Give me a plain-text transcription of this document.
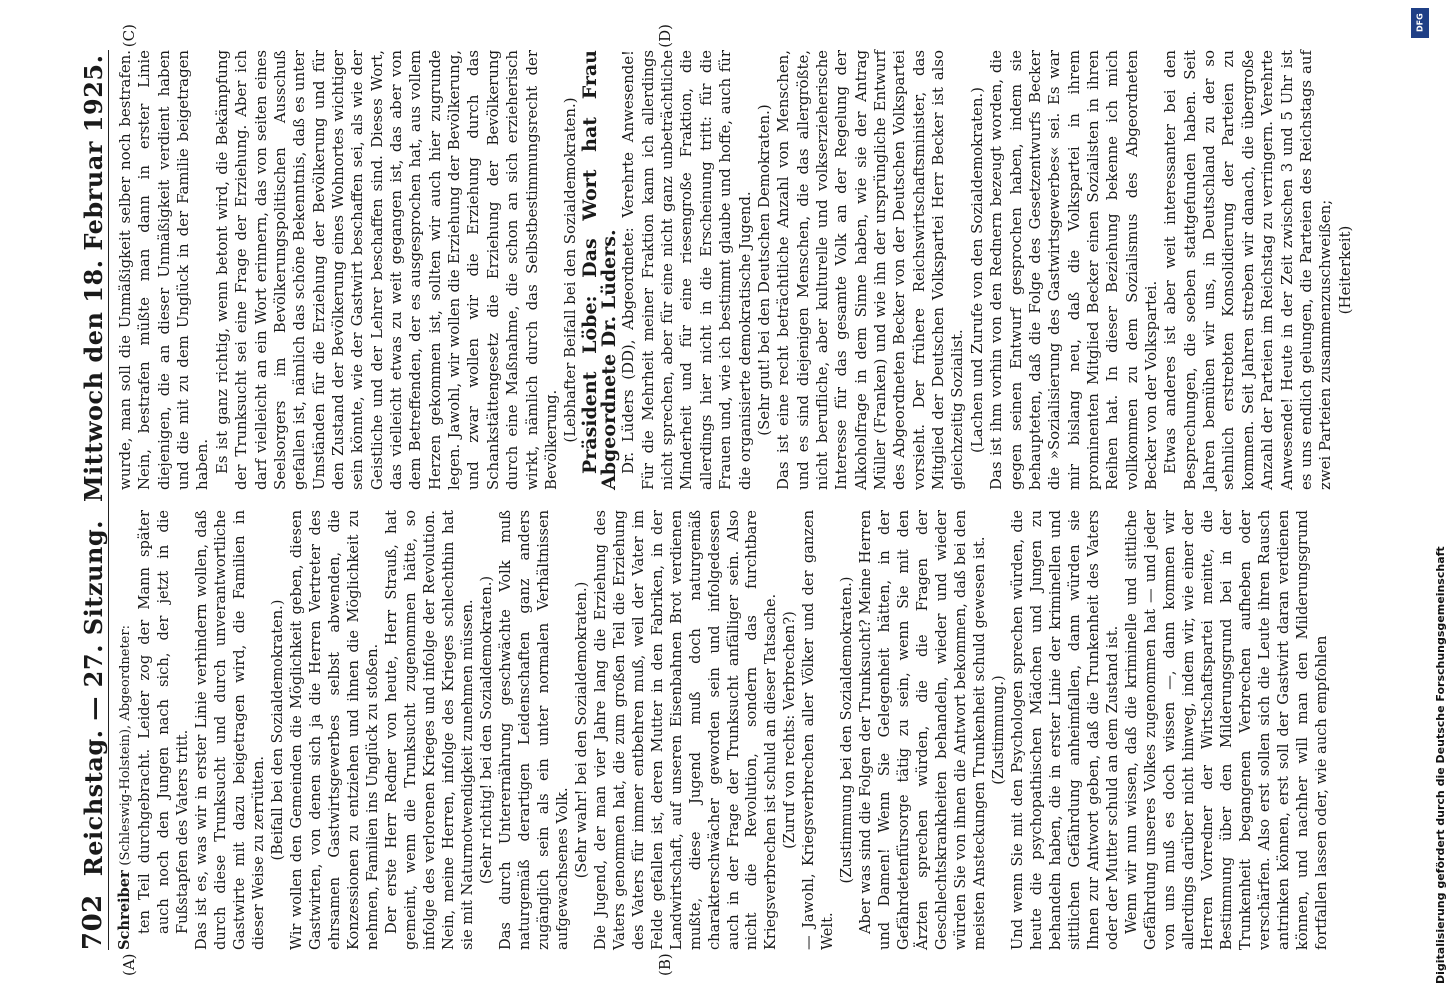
702
Reichstag. — 27. Sitzung.
Mittwoch den 18. Februar 1925.
(A)	(B)

Schreiber (Schleswig-Holstein), Abgeordneter: ten Teil durchgebracht. Leider zog der Mann später auch noch den Jungen nach sich, der jetzt in die Fußstapfen des Vaters tritt. Das ist es, was wir in erster Linie verhindern wollen, daß durch diese Trunksucht und durch unverantwortliche Gastwirte mit dazu beigetragen wird, die Familien in dieser Weise zu zerrütten. (Beifall bei den Sozialdemokraten.) Wir wollen den Gemeinden die Möglichkeit geben, diesen Gastwirten, von denen sich ja die Herren Vertreter des ehrsamen Gastwirtsgewerbes selbst abwenden, die Konzessionen zu entziehen und ihnen die Möglichkeit zu nehmen, Familien ins Unglück zu stoßen. Der erste Herr Redner von heute, Herr Strauß, hat gemeint, wenn die Trunksucht zugenommen hätte, so infolge des verlorenen Krieges und infolge der Revolution. Nein, meine Herren, infolge des Krieges schlechthin hat sie mit Naturnotwendigkeit zunehmen müssen. (Sehr richtig! bei den Sozialdemokraten.) Das durch Unterernährung geschwächte Volk muß naturgemäß derartigen Leidenschaften ganz anders zugänglich sein als ein unter normalen Verhältnissen aufgewachsenes Volk. (Sehr wahr! bei den Sozialdemokraten.) Die Jugend, der man vier Jahre lang die Erziehung des Vaters genommen hat, die zum großen Teil die Erziehung des Vaters für immer entbehren muß, weil der Vater im Felde gefallen ist, deren Mutter in den Fabriken, in der Landwirtschaft, auf unseren Eisenbahnen Brot verdienen mußte, diese Jugend muß doch naturgemäß charakterschwächer geworden sein und infolgedessen auch in der Frage der Trunksucht anfälliger sein. Also nicht die Revolution, sondern das furchtbare Kriegsverbrechen ist schuld an dieser Tatsache. (Zuruf von rechts: Verbrechen?) — Jawohl, Kriegsverbrechen aller Völker und der ganzen Welt.

(Zustimmung bei den Sozialdemokraten.) Aber was sind die Folgen der Trunksucht? Meine Herren und Damen! Wenn Sie Gelegenheit hätten, in der Gefährdetenfürsorge tätig zu sein, wenn Sie mit den Ärzten sprechen würden, die die Fragen der Geschlechtskrankheiten behandeln, wieder und wieder würden Sie von ihnen die Antwort bekommen, daß bei den meisten Ansteckungen Trunkenheit schuld gewesen ist. (Zustimmung.) Und wenn Sie mit den Psychologen sprechen würden, die heute die psychopathischen Mädchen und Jungen zu behandeln haben, die in erster Linie der kriminellen und sittlichen Gefährdung anheimfallen, dann würden sie Ihnen zur Antwort geben, daß die Trunkenheit des Vaters oder der Mutter schuld an dem Zustand ist. Wenn wir nun wissen, daß die kriminelle und sittliche Gefährdung unseres Volkes zugenommen hat — und jeder von uns muß es doch wissen —, dann kommen wir allerdings darüber nicht hinweg, indem wir, wie einer der Herren Vorredner der Wirtschaftspartei meinte, die Bestimmung über den Milderungsgrund bei in der Trunkenheit begangenen Verbrechen aufheben oder verschärfen. Also erst sollen sich die Leute ihren Rausch antrinken können, erst soll der Gastwirt daran verdienen können, und nachher will man den Milderungsgrund fortfallen lassen oder, wie auch empfohlen

(C)	(D)

wurde, man soll die Unmäßigkeit selber noch bestrafen. Nein, bestrafen müßte man dann in erster Linie diejenigen, die an dieser Unmäßigkeit verdient haben und die mit zu dem Unglück in der Familie beigetragen haben. Es ist ganz richtig, wenn betont wird, die Bekämpfung der Trunksucht sei eine Frage der Erziehung. Aber ich darf vielleicht an ein Wort erinnern, das von seiten eines Seelsorgers im Bevölkerungspolitischen Ausschuß gefallen ist, nämlich das schöne Bekenntnis, daß es unter Umständen für die Erziehung der Bevölkerung und für den Zustand der Bevölkerung eines Wohnortes wichtiger sein könnte, wie der Gastwirt beschaffen sei, als wie der Geistliche und der Lehrer beschaffen sind. Dieses Wort, das vielleicht etwas zu weit gegangen ist, das aber von dem Betreffenden, der es ausgesprochen hat, aus vollem Herzen gekommen ist, sollten wir auch hier zugrunde legen. Jawohl, wir wollen die Erziehung der Bevölkerung, und zwar wollen wir die Erziehung durch das Schankstättengesetz die Erziehung der Bevölkerung durch eine Maßnahme, die schon an sich erzieherisch wirkt, nämlich durch das Selbstbestimmungsrecht der Bevölkerung. (Lebhafter Beifall bei den Sozialdemokraten.) Präsident Löbe: Das Wort hat Frau Abgeordnete Dr. Lüders. Dr. Lüders (DD), Abgeordnete: Verehrte Anwesende! Für die Mehrheit meiner Fraktion kann ich allerdings nicht sprechen, aber für eine nicht ganz unbeträchtliche Minderheit und für eine riesengroße Fraktion, die allerdings hier nicht in die Erscheinung tritt: für die Frauen und, wie ich bestimmt glaube und hoffe, auch für die organisierte demokratische Jugend. (Sehr gut! bei den Deutschen Demokraten.) Das ist eine recht beträchtliche Anzahl von Menschen, und es sind diejenigen Menschen, die das allergrößte, nicht berufliche, aber kulturelle und volkserzieherische Interesse für das gesamte Volk an der Regelung der Alkoholfrage in dem Sinne haben, wie sie der Antrag Müller (Franken) und wie ihn der ursprüngliche Entwurf des Abgeordneten Becker von der Deutschen Volkspartei vorsieht. Der frühere Reichswirtschaftsminister, das Mitglied der Deutschen Volkspartei Herr Becker ist also gleichzeitig Sozialist. (Lachen und Zurufe von den Sozialdemokraten.) Das ist ihm vorhin von den Rednern bezeugt worden, die gegen seinen Entwurf gesprochen haben, indem sie behaupteten, daß die Folge des Gesetzentwurfs Becker die »Sozialisierung des Gastwirtsgewerbes« sei. Es war mir bislang neu, daß die Volkspartei in ihrem prominenten Mitglied Becker einen Sozialisten in ihren Reihen hat. In dieser Beziehung bekenne ich mich vollkommen zu dem Sozialismus des Abgeordneten Becker von der Volkspartei. Etwas anderes ist aber weit interessanter bei den Besprechungen, die soeben stattgefunden haben. Seit Jahren bemühen wir uns, in Deutschland zu der so sehnlich erstrebten Konsolidierung der Parteien zu kommen. Seit Jahren streben wir danach, die übergroße Anzahl der Parteien im Reichstag zu verringern. Verehrte Anwesende! Heute in der Zeit zwischen 3 und 5 Uhr ist es uns endlich gelungen, die Parteien des Reichstags auf zwei Parteien zusammenzuschweißen; (Heiterkeit)

DFG
Digitalisierung gefördert durch die Deutsche Forschungsgemeinschaft
